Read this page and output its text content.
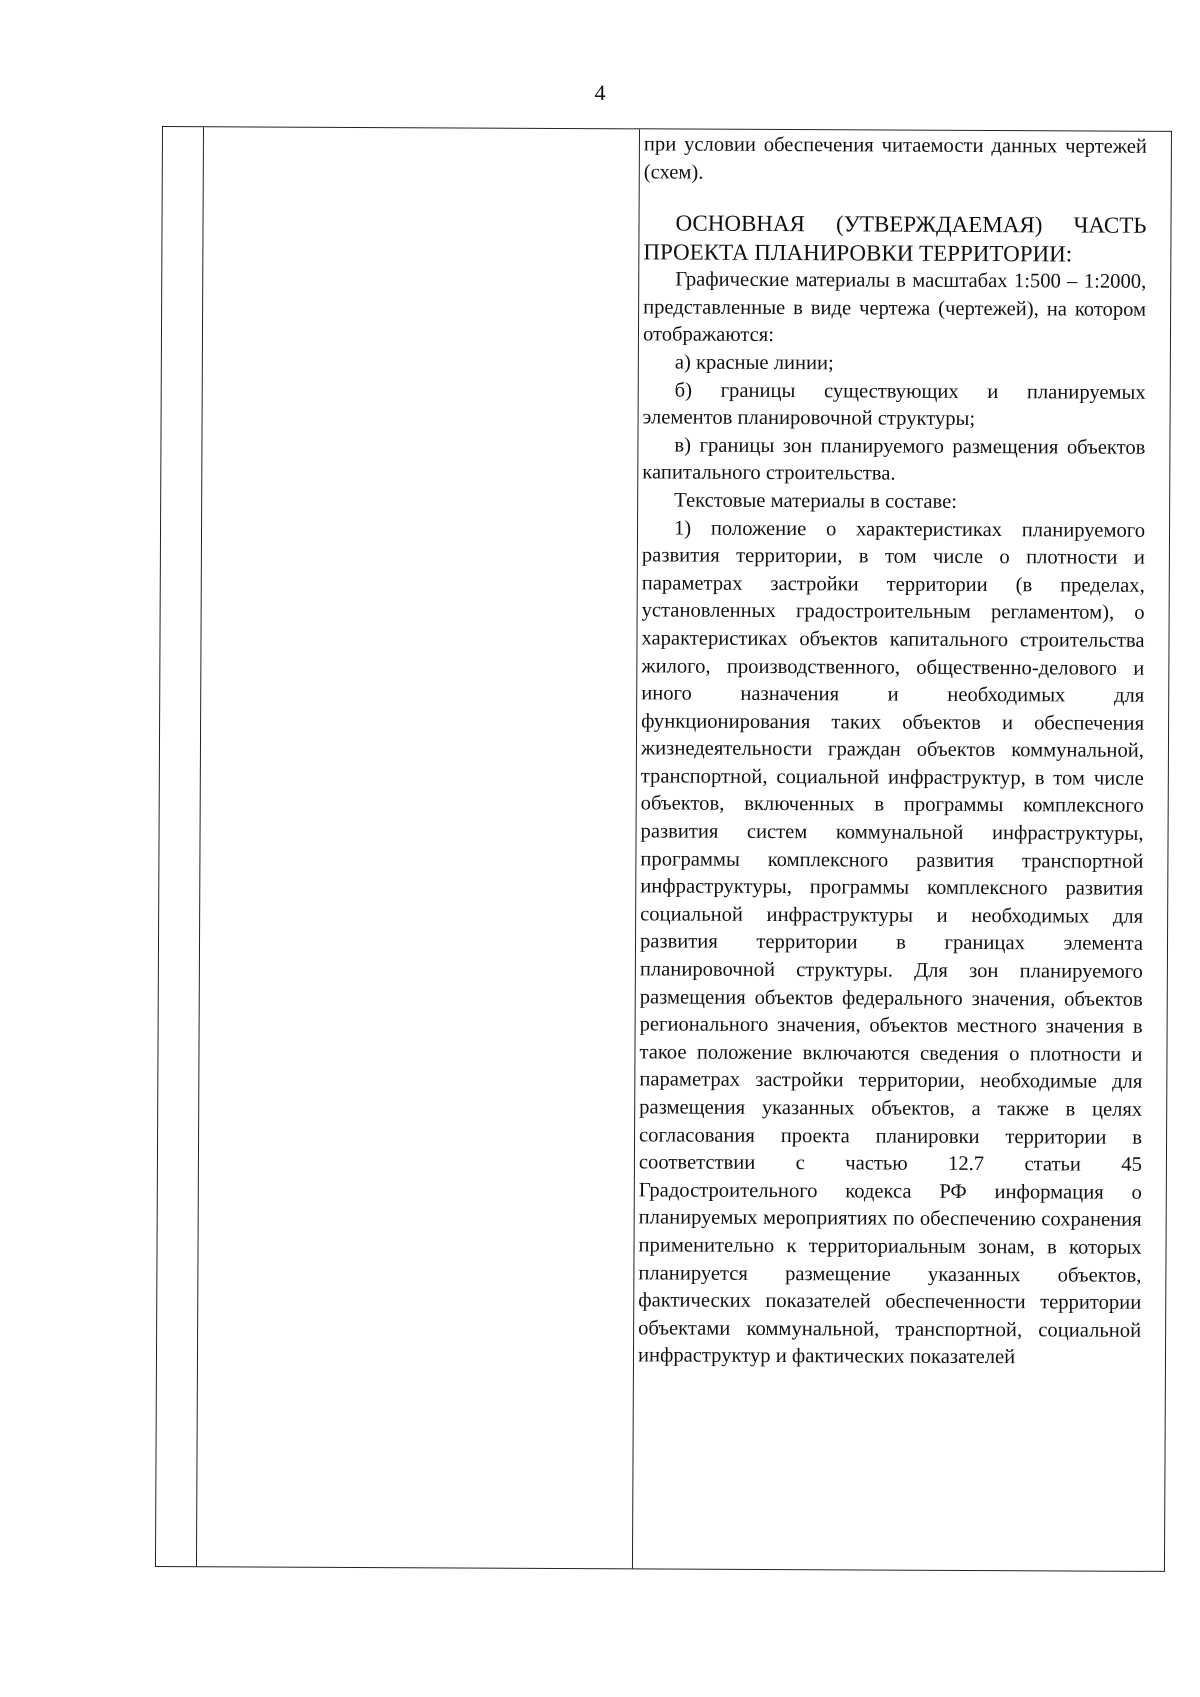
4

при условии обеспечения читаемости данных чертежей (схем).

ОСНОВНАЯ (УТВЕРЖДАЕМАЯ) ЧАСТЬ ПРОЕКТА ПЛАНИРОВКИ ТЕРРИТОРИИ:

Графические материалы в масштабах 1:500 – 1:2000, представленные в виде чертежа (чертежей), на котором отображаются:

а) красные линии;

б) границы существующих и планируемых элементов планировочной структуры;

в) границы зон планируемого размещения объектов капитального строительства.

Текстовые материалы в составе:

1) положение о характеристиках планируемого развития территории, в том числе о плотности и параметрах застройки территории (в пределах, установленных градостроительным регламентом), о характеристиках объектов капитального строительства жилого, производственного, общественно-делового и иного назначения и необходимых для функционирования таких объектов и обеспечения жизнедеятельности граждан объектов коммунальной, транспортной, социальной инфраструктур, в том числе объектов, включенных в программы комплексного развития систем коммунальной инфраструктуры, программы комплексного развития транспортной инфраструктуры, программы комплексного развития социальной инфраструктуры и необходимых для развития территории в границах элемента планировочной структуры. Для зон планируемого размещения объектов федерального значения, объектов регионального значения, объектов местного значения в такое положение включаются сведения о плотности и параметрах застройки территории, необходимые для размещения указанных объектов, а также в целях согласования проекта планировки территории в соответствии с частью 12.7 статьи 45 Градостроительного кодекса РФ информация о планируемых мероприятиях по обеспечению сохранения применительно к территориальным зонам, в которых планируется размещение указанных объектов, фактических показателей обеспеченности территории объектами коммунальной, транспортной, социальной инфраструктур и фактических показателей
